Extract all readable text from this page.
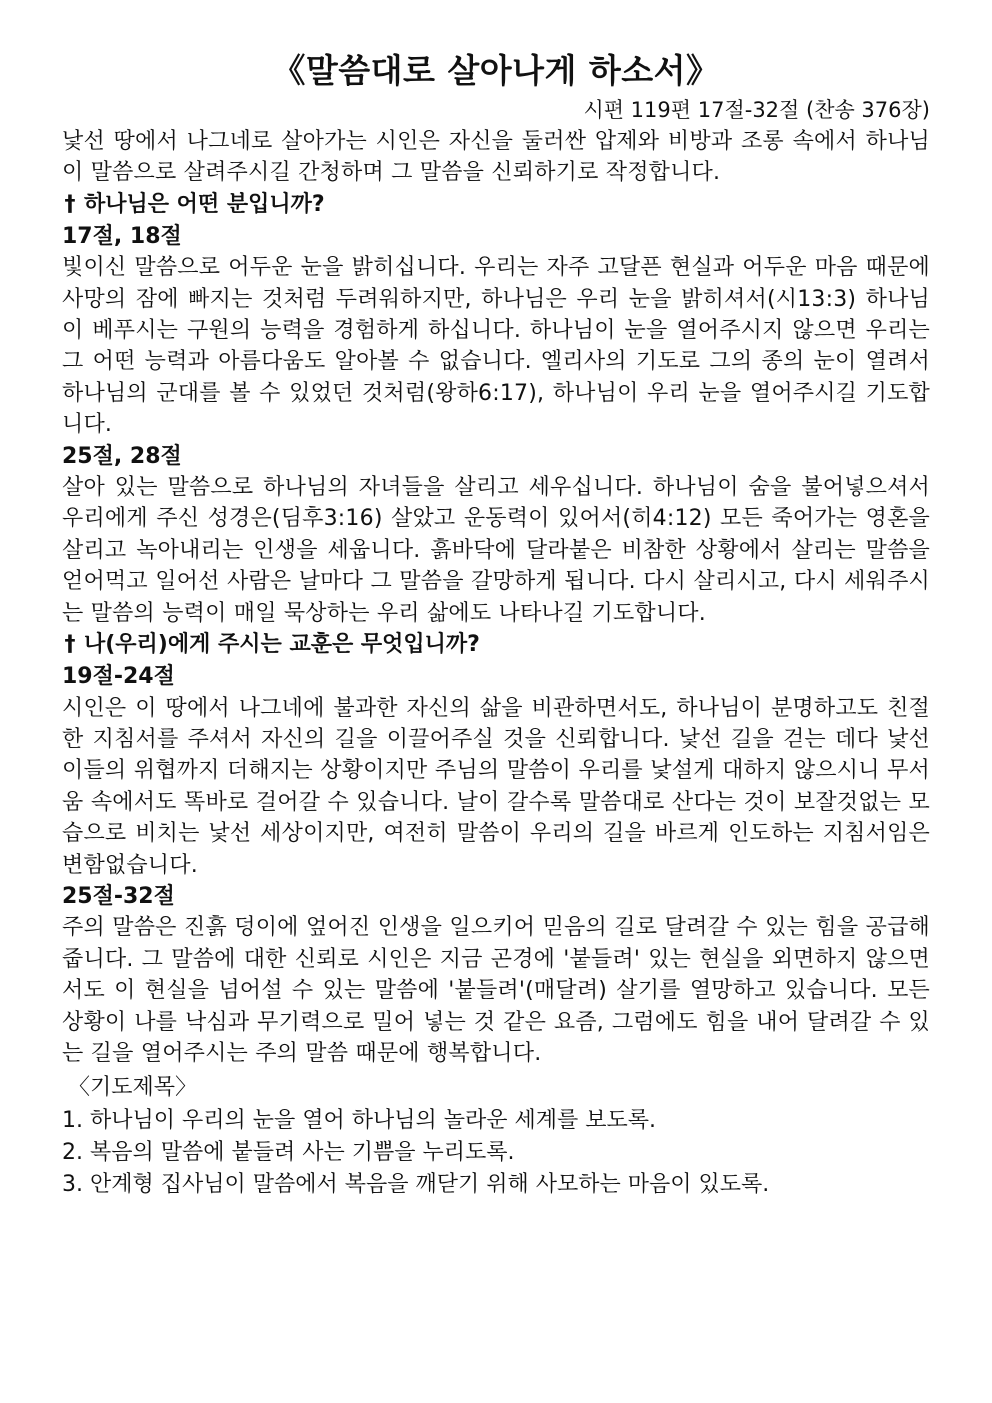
《말씀대로 살아나게 하소서》

시편 119편 17절-32절 (찬송 376장)

낯선 땅에서 나그네로 살아가는 시인은 자신을 둘러싼 압제와 비방과 조롱 속에서 하나님이 말씀으로 살려주시길 간청하며 그 말씀을 신뢰하기로 작정합니다.

† 하나님은 어떤 분입니까?
17절, 18절

빛이신 말씀으로 어두운 눈을 밝히십니다. 우리는 자주 고달픈 현실과 어두운 마음 때문에 사망의 잠에 빠지는 것처럼 두려워하지만, 하나님은 우리 눈을 밝히셔서(시13:3) 하나님이 베푸시는 구원의 능력을 경험하게 하십니다. 하나님이 눈을 열어주시지 않으면 우리는 그 어떤 능력과 아름다움도 알아볼 수 없습니다. 엘리사의 기도로 그의 종의 눈이 열려서 하나님의 군대를 볼 수 있었던 것처럼(왕하6:17), 하나님이 우리 눈을 열어주시길 기도합니다.

25절, 28절

살아 있는 말씀으로 하나님의 자녀들을 살리고 세우십니다. 하나님이 숨을 불어넣으셔서 우리에게 주신 성경은(딤후3:16) 살았고 운동력이 있어서(히4:12) 모든 죽어가는 영혼을 살리고 녹아내리는 인생을 세웁니다. 흙바닥에 달라붙은 비참한 상황에서 살리는 말씀을 얻어먹고 일어선 사람은 날마다 그 말씀을 갈망하게 됩니다. 다시 살리시고, 다시 세워주시는 말씀의 능력이 매일 묵상하는 우리 삶에도 나타나길 기도합니다.

† 나(우리)에게 주시는 교훈은 무엇입니까?
19절-24절

시인은 이 땅에서 나그네에 불과한 자신의 삶을 비관하면서도, 하나님이 분명하고도 친절한 지침서를 주셔서 자신의 길을 이끌어주실 것을 신뢰합니다. 낯선 길을 걷는 데다 낯선 이들의 위협까지 더해지는 상황이지만 주님의 말씀이 우리를 낯설게 대하지 않으시니 무서움 속에서도 똑바로 걸어갈 수 있습니다. 날이 갈수록 말씀대로 산다는 것이 보잘것없는 모습으로 비치는 낯선 세상이지만, 여전히 말씀이 우리의 길을 바르게 인도하는 지침서임은 변함없습니다.

25절-32절

주의 말씀은 진흙 덩이에 엎어진 인생을 일으키어 믿음의 길로 달려갈 수 있는 힘을 공급해줍니다. 그 말씀에 대한 신뢰로 시인은 지금 곤경에 '붙들려' 있는 현실을 외면하지 않으면서도 이 현실을 넘어설 수 있는 말씀에 '붙들려'(매달려) 살기를 열망하고 있습니다. 모든 상황이 나를 낙심과 무기력으로 밀어 넣는 것 같은 요즘, 그럼에도 힘을 내어 달려갈 수 있는 길을 열어주시는 주의 말씀 때문에 행복합니다.

〈기도제목〉
1. 하나님이 우리의 눈을 열어 하나님의 놀라운 세계를 보도록.
2. 복음의 말씀에 붙들려 사는 기쁨을 누리도록.
3. 안계형 집사님이 말씀에서 복음을 깨닫기 위해 사모하는 마음이 있도록.
